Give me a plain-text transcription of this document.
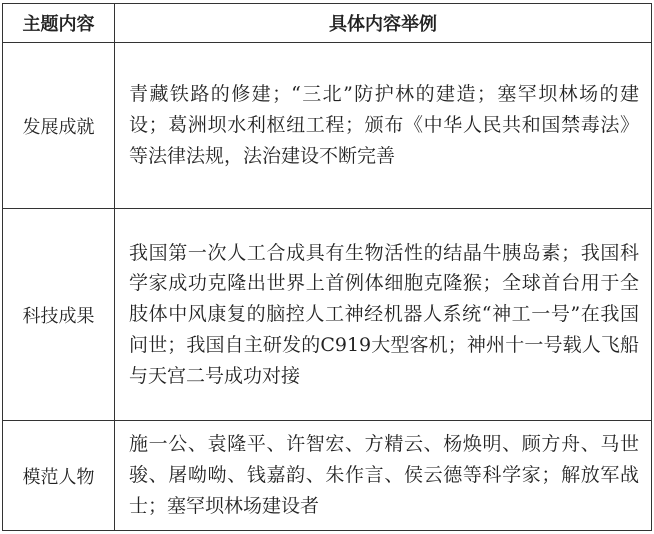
主题内容	具体内容举例
发展成就	青藏铁路的修建；“三北”防护林的建造；塞罕坝林场的建设；葛洲坝水利枢纽工程；颁布《中华人民共和国禁毒法》等法律法规，法治建设不断完善
科技成果	我国第一次人工合成具有生物活性的结晶牛胰岛素；我国科学家成功克隆出世界上首例体细胞克隆猴；全球首台用于全肢体中风康复的脑控人工神经机器人系统“神工一号”在我国问世；我国自主研发的C919大型客机；神州十一号载人飞船与天宫二号成功对接
模范人物	施一公、袁隆平、许智宏、方精云、杨焕明、顾方舟、马世骏、屠呦呦、钱嘉韵、朱作言、侯云德等科学家；解放军战士；塞罕坝林场建设者
